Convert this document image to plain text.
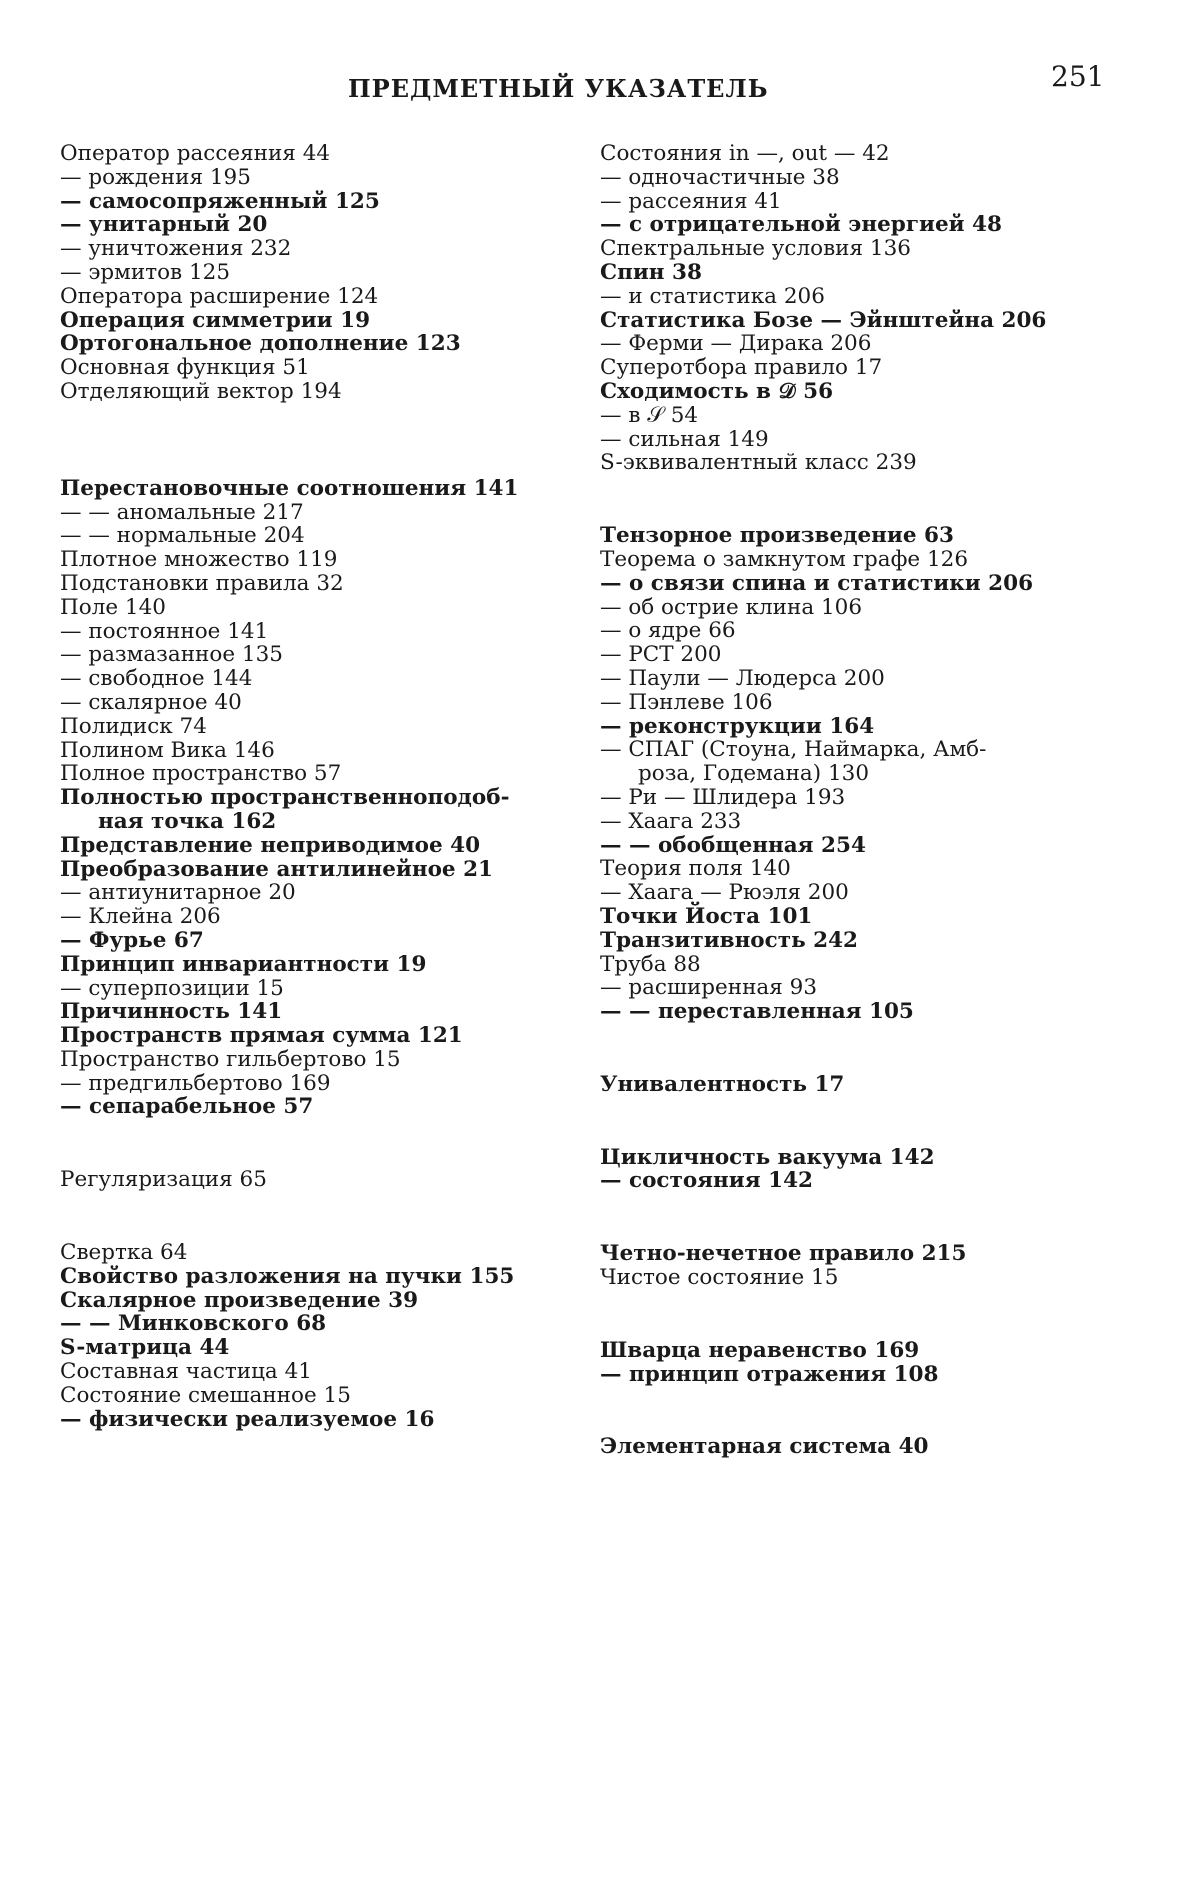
ПРЕДМЕТНЫЙ УКАЗАТЕЛЬ	251
Оператор рассеяния 44
— рождения 195
— самосопряженный 125
— унитарный 20
— уничтожения 232
— эрмитов 125
Оператора расширение 124
Операция симметрии 19
Ортогональное дополнение 123
Основная функция 51
Отделяющий вектор 194
Перестановочные соотношения 141
— — аномальные 217
— — нормальные 204
Плотное множество 119
Подстановки правила 32
Поле 140
— постоянное 141
— размазанное 135
— свободное 144
— скалярное 40
Полидиск 74
Полином Вика 146
Полное пространство 57
Полностью пространственноподоб-
ная точка 162
Представление неприводимое 40
Преобразование антилинейное 21
— антиунитарное 20
— Клейна 206
— Фурье 67
Принцип инвариантности 19
— суперпозиции 15
Причинность 141
Пространств прямая сумма 121
Пространство гильбертово 15
— предгильбертово 169
— сепарабельное 57
Регуляризация 65
Свертка 64
Свойство разложения на пучки 155
Скалярное произведение 39
— — Минковского 68
S-матрица 44
Составная частица 41
Состояние смешанное 15
— физически реализуемое 16
Состояния in —, out — 42
— одночастичные 38
— рассеяния 41
— с отрицательной энергией 48
Спектральные условия 136
Спин 38
— и статистика 206
Статистика Бозе — Эйнштейна 206
— Ферми — Дирака 206
Суперотбора правило 17
Сходимость в 𝒟 56
— в 𝒮 54
— сильная 149
S-эквивалентный класс 239
Тензорное произведение 63
Теорема о замкнутом графе 126
— о связи спина и статистики 206
— об острие клина 106
— о ядре 66
— PCT 200
— Паули — Людерса 200
— Пэнлеве 106
— реконструкции 164
— СПАГ (Стоуна, Наймарка, Амб-
роза, Годемана) 130
— Ри — Шлидера 193
— Хаага 233
— — обобщенная 254
Теория поля 140
— Хаага — Рюэля 200
Точки Йоста 101
Транзитивность 242
Труба 88
— расширенная 93
— — переставленная 105
Унивалентность 17
Цикличность вакуума 142
— состояния 142
Четно-нечетное правило 215
Чистое состояние 15
Шварца неравенство 169
— принцип отражения 108
Элементарная система 40
